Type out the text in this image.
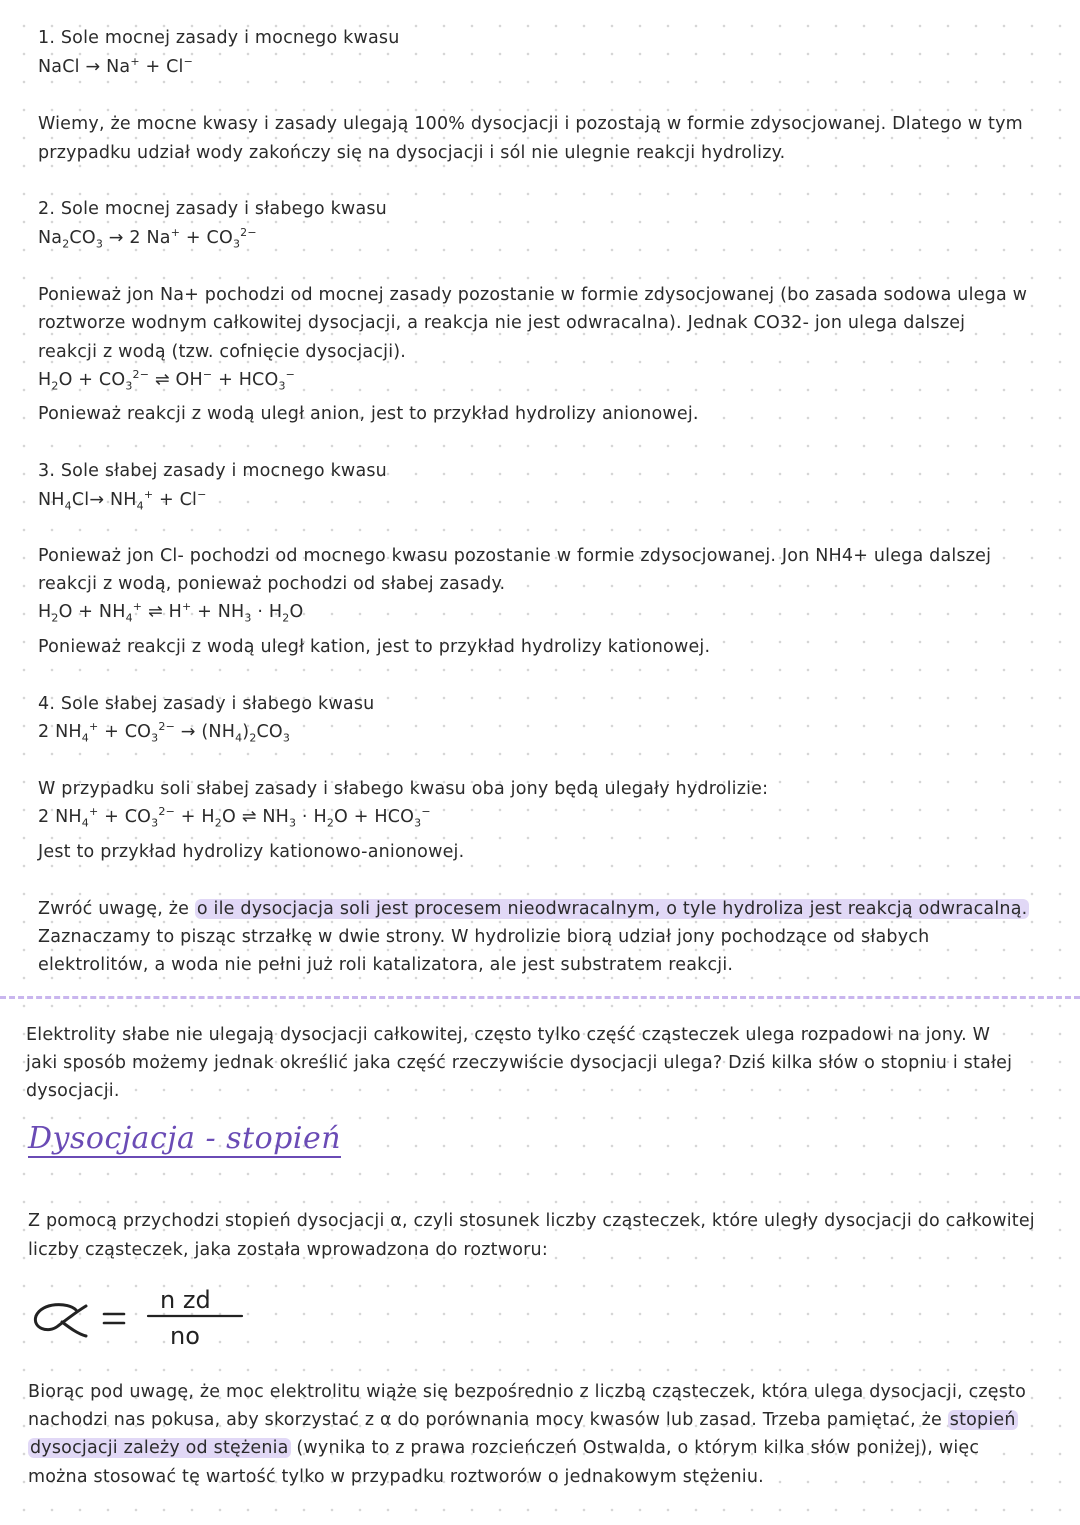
1. Sole mocnej zasady i mocnego kwasu
NaCl → Na+ + Cl−
Wiemy, że mocne kwasy i zasady ulegają 100% dysocjacji i pozostają w formie zdysocjowanej. Dlatego w tym
przypadku udział wody zakończy się na dysocjacji i sól nie ulegnie reakcji hydrolizy.
2. Sole mocnej zasady i słabego kwasu
$Na_2CO_3 \to 2$ $Na^+ + CO_3^{2-}$
Ponieważ jon Na+ pochodzi od mocnej zasady pozostanie w formie zdysocjowanej (bo zasada sodowa ulega w
roztworze wodnym całkowitej dysocjacji, a reakcja nie jest odwracalna). Jednak CO32- jon ulega dalszej
reakcji z wodą (tzw. cofnięcie dysocjacji).
$H_2O + CO_3^{2-}$ ⇌ $OH^- + HCO_3^-$
Ponieważ reakcji z wodą uległ anion, jest to przykład hydrolizy anionowej.
3. Sole słabej zasady i mocnego kwasu
$NH_4Cl\to NH_4^+ + Cl^-$
Ponieważ jon Cl- pochodzi od mocnego kwasu pozostanie w formie zdysocjowanej. Jon NH4+ ulega dalszej
reakcji z wodą, ponieważ pochodzi od słabej zasady.
$H_2O + NH_4^+$ ⇌ $H^+ + NH_3 \cdot H_2O$
Ponieważ reakcji z wodą uległ kation, jest to przykład hydrolizy kationowej.
4. Sole słabej zasady i słabego kwasu
2 $NH_4^+ + CO_3^{2-} \to (NH_4)_2CO_3$
W przypadku soli słabej zasady i słabego kwasu oba jony będą ulegały hydrolizie:
2 $NH_4^+ + CO_3^{2-} + H_2O$ ⇌ $NH_3 \cdot H_2O + HCO_3^-$
Jest to przykład hydrolizy kationowo-anionowej.
Zwróć uwagę, że o ile dysocjacja soli jest procesem nieodwracalnym, o tyle hydroliza jest reakcją odwracalną.
Zaznaczamy to pisząc strzałkę w dwie strony. W hydrolizie biorą udział jony pochodzące od słabych
elektrolitów, a woda nie pełni już roli katalizatora, ale jest substratem reakcji.
Elektrolity słabe nie ulegają dysocjacji całkowitej, często tylko część cząsteczek ulega rozpadowi na jony. W
jaki sposób możemy jednak określić jaka część rzeczywiście dysocjacji ulega? Dziś kilka słów o stopniu i stałej
dysocjacji.
Dysocjacja - stopień
Z pomocą przychodzi stopień dysocjacji α, czyli stosunek liczby cząsteczek, które uległy dysocjacji do całkowitej
liczby cząsteczek, jaka została wprowadzona do roztworu:
n zd
no
Biorąc pod uwagę, że moc elektrolitu wiąże się bezpośrednio z liczbą cząsteczek, która ulega dysocjacji, często
nachodzi nas pokusa, aby skorzystać z α do porównania mocy kwasów lub zasad. Trzeba pamiętać, że stopień
dysocjacji zależy od stężenia (wynika to z prawa rozcieńczeń Ostwalda, o którym kilka słów poniżej), więc
można stosować tę wartość tylko w przypadku roztworów o jednakowym stężeniu.
